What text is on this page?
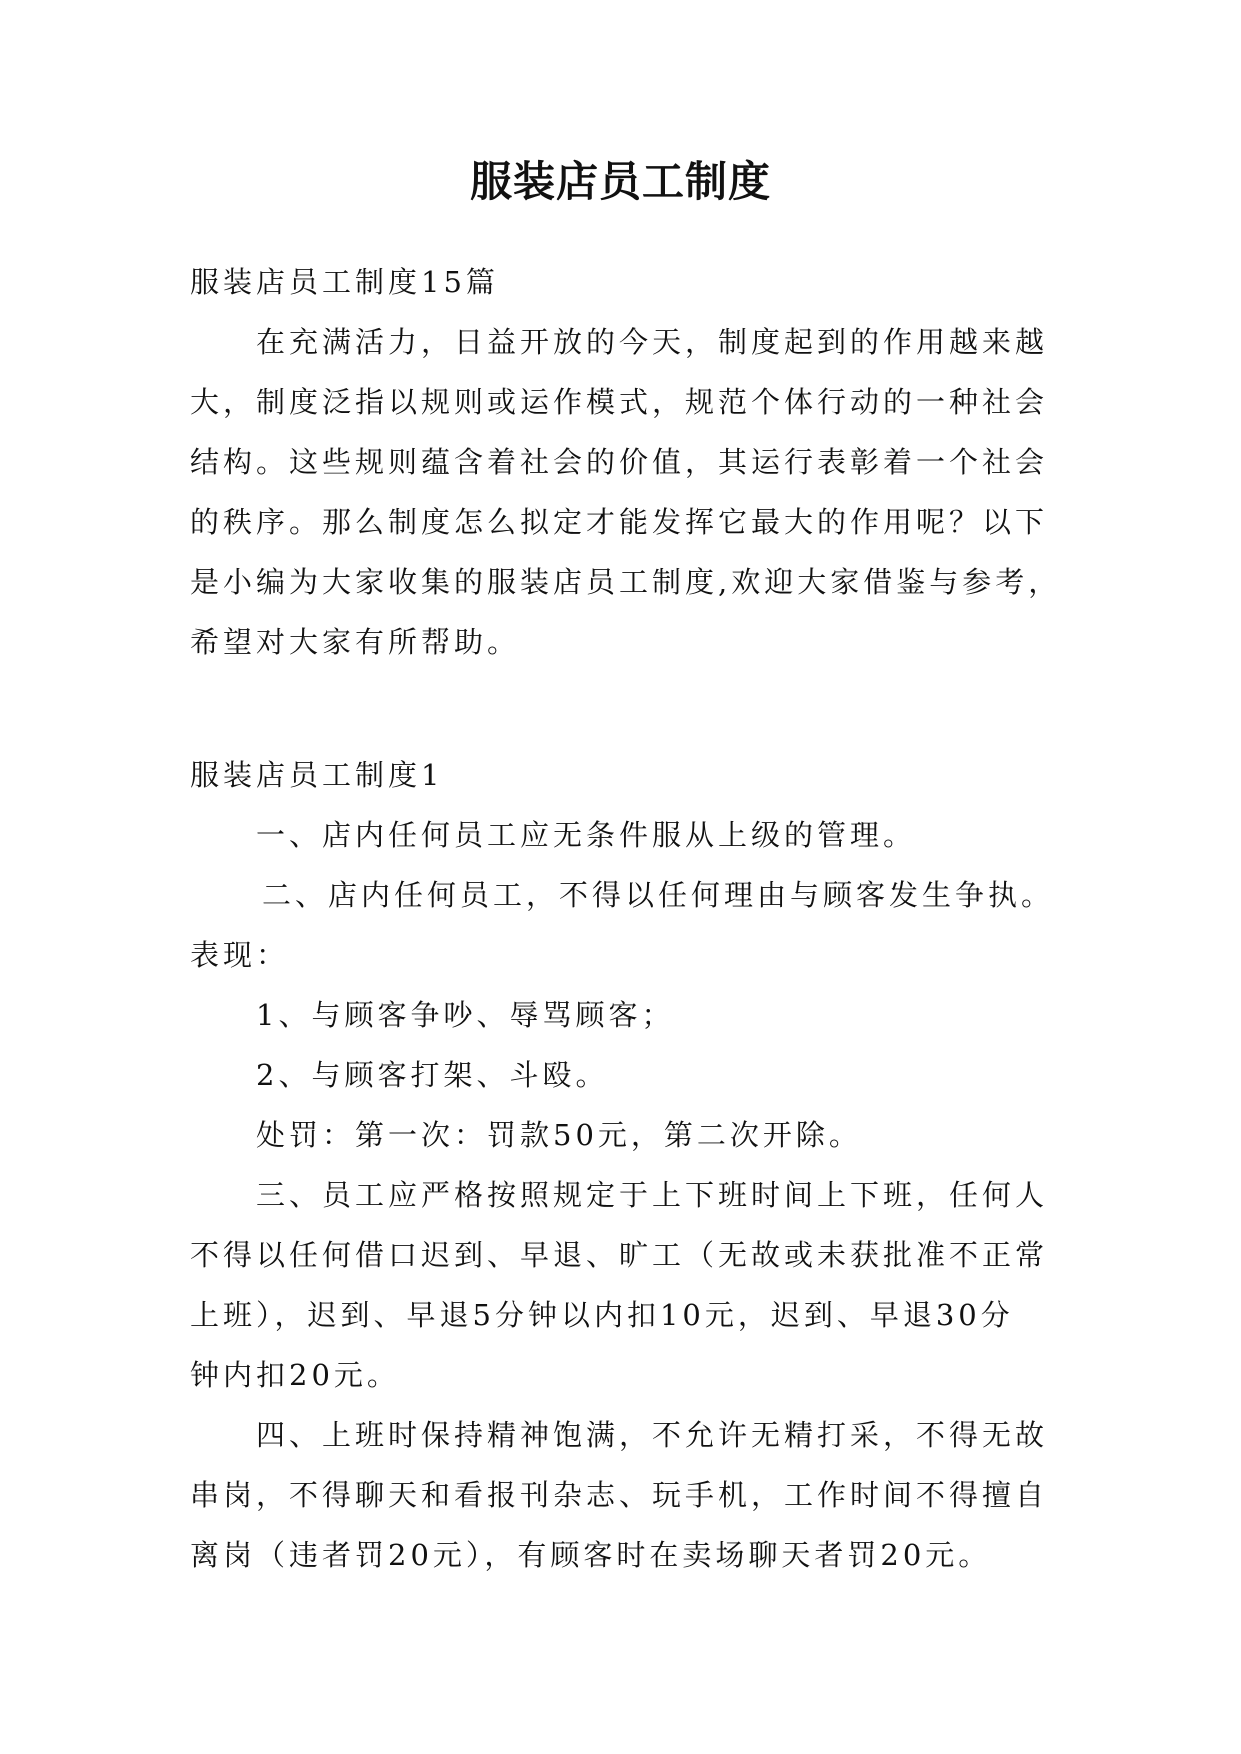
服装店员工制度
服装店员工制度15篇
在充满活力，日益开放的今天，制度起到的作用越来越
大，制度泛指以规则或运作模式，规范个体行动的一种社会
结构。这些规则蕴含着社会的价值，其运行表彰着一个社会
的秩序。那么制度怎么拟定才能发挥它最大的作用呢？以下
是小编为大家收集的服装店员工制度,欢迎大家借鉴与参考，
希望对大家有所帮助。
服装店员工制度1
一、店内任何员工应无条件服从上级的管理。
二、店内任何员工，不得以任何理由与顾客发生争执。
表现：
1、与顾客争吵、辱骂顾客；
2、与顾客打架、斗殴。
处罚：第一次：罚款50元，第二次开除。
三、员工应严格按照规定于上下班时间上下班，任何人
不得以任何借口迟到、早退、旷工（无故或未获批准不正常
上班），迟到、早退5分钟以内扣10元，迟到、早退30分
钟内扣20元。
四、上班时保持精神饱满，不允许无精打采，不得无故
串岗，不得聊天和看报刊杂志、玩手机，工作时间不得擅自
离岗（违者罚20元），有顾客时在卖场聊天者罚20元。
